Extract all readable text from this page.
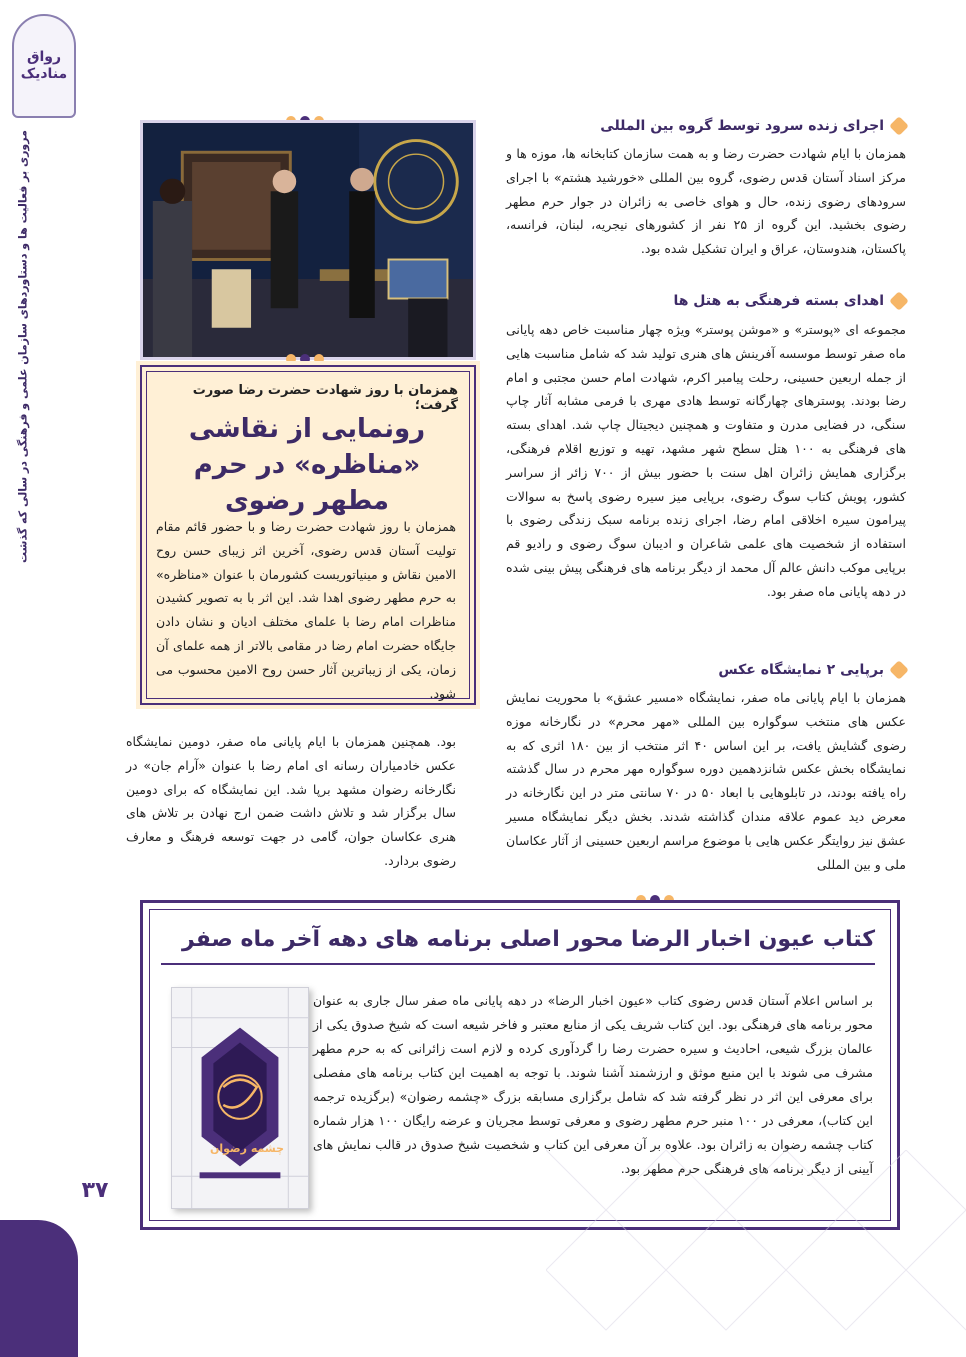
رواق منادیک
مروری بر فعالیت ها و دستاوردهای سازمان علمی و فرهنگی در سالی که گذشت
۳۷
اجرای زنده سرود توسط گروه بین المللی
همزمان با ایام شهادت حضرت رضا و به همت سازمان کتابخانه ها، موزه ها و مرکز اسناد آستان قدس رضوی، گروه بین المللی «خورشید هشتم» با اجرای سرودهای رضوی زنده، حال و هوای خاصی به زائران در جوار حرم مطهر رضوی بخشید. این گروه از ۲۵ نفر از کشورهای نیجریه، لبنان، فرانسه، پاکستان، هندوستان، عراق و ایران تشکیل شده بود.
اهدای بسته فرهنگی به هتل ها
مجموعه ای «پوستر» و «موشن پوستر» ویژه چهار مناسبت خاص دهه پایانی ماه صفر توسط موسسه آفرینش های هنری تولید شد که شامل مناسبت هایی از جمله اربعین حسینی، رحلت پیامبر اکرم، شهادت امام حسن مجتبی و امام رضا بودند. پوسترهای چهارگانه توسط هادی مهری با فرمی مشابه آثار چاپ سنگی، در فضایی مدرن و متفاوت و همچنین دیجیتال چاپ شد. اهدای بسته های فرهنگی به ۱۰۰ هتل سطح شهر مشهد، تهیه و توزیع اقلام فرهنگی، برگزاری همایش زائران اهل سنت با حضور بیش از ۷۰۰ زائر از سراسر کشور، پویش کتاب سوگ رضوی، برپایی میز سیره رضوی پاسخ به سوالات پیرامون سیره اخلاقی امام رضا، اجرای زنده برنامه سبک زندگی رضوی با استفاده از شخصیت های علمی شاعران و ادیبان سوگ رضوی و رادیو قم برپایی موکب دانش عالم آل محمد از دیگر برنامه های فرهنگی پیش بینی شده در دهه پایانی ماه صفر بود.
برپایی ۲ نمایشگاه عکس
همزمان با ایام پایانی ماه صفر، نمایشگاه «مسیر عشق» با محوریت نمایش عکس های منتخب سوگواره بین المللی «مهر محرم» در نگارخانه موزه رضوی گشایش یافت، بر این اساس ۴۰ اثر منتخب از بین ۱۸۰ اثری که به نمایشگاه بخش عکس شانزدهمین دوره سوگواره مهر محرم در سال گذشته راه یافته بودند، در تابلوهایی با ابعاد ۵۰ در ۷۰ سانتی متر در این نگارخانه در معرض دید عموم علاقه مندان گذاشته شدند. بخش دیگر نمایشگاه مسیر عشق نیز روایتگر عکس هایی با موضوع مراسم اربعین حسینی از آثار عکاسان ملی و بین المللی
همزمان با روز شهادت حضرت رضا صورت گرفت؛
رونمایی از نقاشی «مناظره» در حرم مطهر رضوی
همزمان با روز شهادت حضرت رضا و با حضور قائم مقام تولیت آستان قدس رضوی، آخرین اثر زیبای حسن روح الامین نقاش و مینیاتوریست کشورمان با عنوان «مناظره» به حرم مطهر رضوی اهدا شد. این اثر با به تصویر کشیدن مناظرات امام رضا با علمای مختلف ادیان و نشان دادن جایگاه حضرت امام رضا در مقامی بالاتر از همه علمای آن زمان، یکی از زیباترین آثار حسن روح الامین محسوب می شود.
بود. همچنین همزمان با ایام پایانی ماه صفر، دومین نمایشگاه عکس خادمیاران رسانه ای امام رضا با عنوان «آرام جان» در نگارخانه رضوان مشهد برپا شد. این نمایشگاه که برای دومین سال برگزار شد و تلاش داشت ضمن ارج نهادن بر تلاش های هنری عکاسان جوان، گامی در جهت توسعه فرهنگ و معارف رضوی بردارد.
کتاب عیون اخبار الرضا محور اصلی برنامه های دهه آخر ماه صفر
بر اساس اعلام آستان قدس رضوی کتاب «عیون اخبار الرضا» در دهه پایانی ماه صفر سال جاری به عنوان محور برنامه های فرهنگی بود. این کتاب شریف یکی از منابع معتبر و فاخر شیعه است که شیخ صدوق یکی از عالمان بزرگ شیعی، احادیث و سیره حضرت رضا را گردآوری کرده و لازم است زائرانی که به حرم مطهر مشرف می شوند با این منبع موثق و ارزشمند آشنا شوند. با توجه به اهمیت این کتاب برنامه های مفصلی برای معرفی این اثر در نظر گرفته شد که شامل برگزاری مسابقه بزرگ «چشمه رضوان» (برگزیده ترجمه این کتاب)، معرفی در ۱۰۰ منبر حرم مطهر رضوی و معرفی توسط مجریان و عرضه رایگان ۱۰۰ هزار شماره کتاب چشمه رضوان به زائران بود. علاوه بر آن معرفی این کتاب و شخصیت شیخ صدوق در قالب نمایش های آیینی از دیگر برنامه های فرهنگی حرم مطهر بود.
چشمه رضوان
